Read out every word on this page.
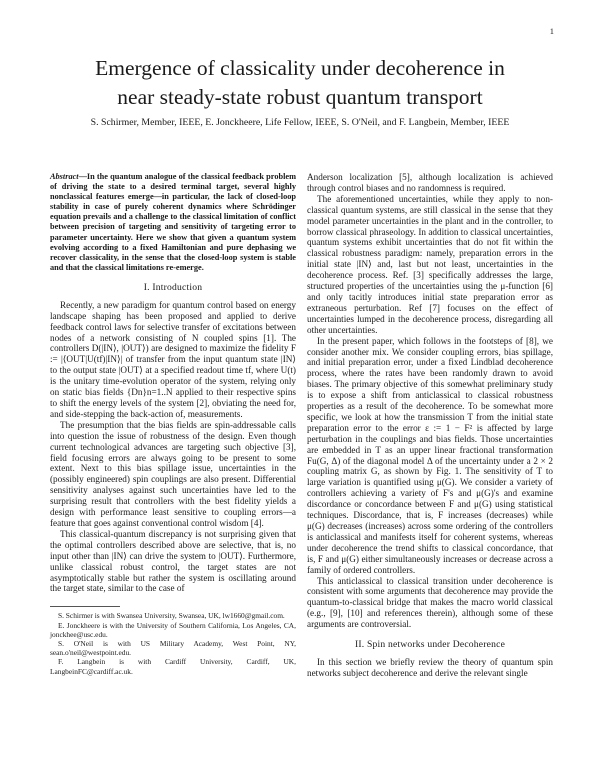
1
Emergence of classicality under decoherence in
near steady-state robust quantum transport
S. Schirmer, Member, IEEE, E. Jonckheere, Life Fellow, IEEE, S. O'Neil, and F. Langbein, Member, IEEE
Abstract—In the quantum analogue of the classical feedback problem of driving the state to a desired terminal target, several highly nonclassical features emerge—in particular, the lack of closed-loop stability in case of purely coherent dynamics where Schrödinger equation prevails and a challenge to the classical limitation of conflict between precision of targeting and sensitivity of targeting error to parameter uncertainty. Here we show that given a quantum system evolving according to a fixed Hamiltonian and pure dephasing we recover classicality, in the sense that the closed-loop system is stable and that the classical limitations re-emerge.
I. Introduction

Recently, a new paradigm for quantum control based on energy landscape shaping has been proposed and applied to derive feedback control laws for selective transfer of excitations between nodes of a network consisting of N coupled spins [1]. The controllers D(|IN⟩, |OUT⟩) are designed to maximize the fidelity F := |⟨OUT|U(tf)|IN⟩| of transfer from the input quantum state |IN⟩ to the output state |OUT⟩ at a specified readout time tf, where U(t) is the unitary time-evolution operator of the system, relying only on static bias fields {Dn}n=1..N applied to their respective spins to shift the energy levels of the system [2], obviating the need for, and side-stepping the back-action of, measurements.

The presumption that the bias fields are spin-addressable calls into question the issue of robustness of the design. Even though current technological advances are targeting such objective [3], field focusing errors are always going to be present to some extent. Next to this bias spillage issue, uncertainties in the (possibly engineered) spin couplings are also present. Differential sensitivity analyses against such uncertainties have led to the surprising result that controllers with the best fidelity yields a design with performance least sensitive to coupling errors—a feature that goes against conventional control wisdom [4].

This classical-quantum discrepancy is not surprising given that the optimal controllers described above are selective, that is, no input other than |IN⟩ can drive the system to |OUT⟩. Furthermore, unlike classical robust control, the target states are not asymptotically stable but rather the system is oscillating around the target state, similar to the case of

S. Schirmer is with Swansea University, Swansea, UK, lw1660@gmail.com.

E. Jonckheere is with the University of Southern California, Los Angeles, CA, jonckhee@usc.edu.

S. O'Neil is with US Military Academy, West Point, NY, sean.o'neil@westpoint.edu.

F. Langbein is with Cardiff University, Cardiff, UK, LangbeinFC@cardiff.ac.uk.

Anderson localization [5], although localization is achieved through control biases and no randomness is required.

The aforementioned uncertainties, while they apply to non-classical quantum systems, are still classical in the sense that they model parameter uncertainties in the plant and in the controller, to borrow classical phraseology. In addition to classical uncertainties, quantum systems exhibit uncertainties that do not fit within the classical robustness paradigm: namely, preparation errors in the initial state |IN⟩ and, last but not least, uncertainties in the decoherence process. Ref. [3] specifically addresses the large, structured properties of the uncertainties using the μ-function [6] and only tacitly introduces initial state preparation error as extraneous perturbation. Ref [7] focuses on the effect of uncertainties lumped in the decoherence process, disregarding all other uncertainties.

In the present paper, which follows in the footsteps of [8], we consider another mix. We consider coupling errors, bias spillage, and initial preparation error, under a fixed Lindblad decoherence process, where the rates have been randomly drawn to avoid biases. The primary objective of this somewhat preliminary study is to expose a shift from anticlassical to classical robustness properties as a result of the decoherence. To be somewhat more specific, we look at how the transmission T from the initial state preparation error to the error ε := 1 − F² is affected by large perturbation in the couplings and bias fields. Those uncertainties are embedded in T as an upper linear fractional transformation Fu(G, Δ) of the diagonal model Δ of the uncertainty under a 2 × 2 coupling matrix G, as shown by Fig. 1. The sensitivity of T to large variation is quantified using μ(G). We consider a variety of controllers achieving a variety of F's and μ(G)'s and examine discordance or concordance between F and μ(G) using statistical techniques. Discordance, that is, F increases (decreases) while μ(G) decreases (increases) across some ordering of the controllers is anticlassical and manifests itself for coherent systems, whereas under decoherence the trend shifts to classical concordance, that is, F and μ(G) either simultaneously increases or decrease across a family of ordered controllers.

This anticlassical to classical transition under decoherence is consistent with some arguments that decoherence may provide the quantum-to-classical bridge that makes the macro world classical (e.g., [9], [10] and references therein), although some of these arguments are controversial.

II. Spin networks under Decoherence

In this section we briefly review the theory of quantum spin networks subject decoherence and derive the relevant single
